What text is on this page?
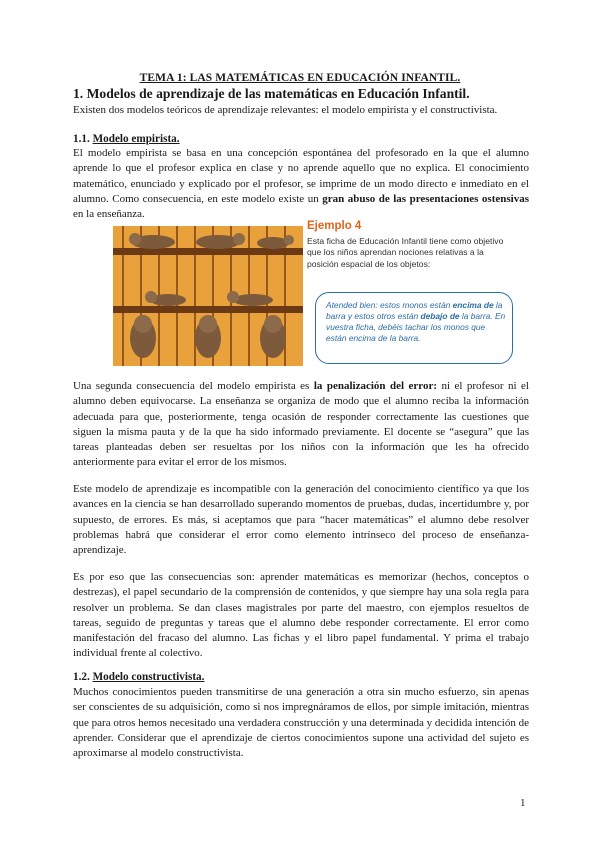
TEMA 1: LAS MATEMÁTICAS EN EDUCACIÓN INFANTIL.
1. Modelos de aprendizaje de las matemáticas en Educación Infantil.

Existen dos modelos teóricos de aprendizaje relevantes: el modelo empirista y el constructivista.

1.1. Modelo empirista.

El modelo empirista se basa en una concepción espontánea del profesorado en la que el alumno aprende lo que el profesor explica en clase y no aprende aquello que no explica. El conocimiento matemático, enunciado y explicado por el profesor, se imprime de un modo directo e inmediato en el alumno. Como consecuencia, en este modelo existe un gran abuso de las presentaciones ostensivas en la enseñanza.

Ejemplo 4
Esta ficha de Educación Infantil tiene como objetivo que los niños aprendan nociones relativas a la posición espacial de los objetos:
Atended bien: estos monos están encima de la barra y estos otros están debajo de la barra. En vuestra ficha, debéis tachar los monos que están encima de la barra.

Una segunda consecuencia del modelo empirista es la penalización del error: ni el profesor ni el alumno deben equivocarse. La enseñanza se organiza de modo que el alumno reciba la información adecuada para que, posteriormente, tenga ocasión de responder correctamente las cuestiones que siguen la misma pauta y de la que ha sido informado previamente. El docente se “asegura” que las tareas planteadas deben ser resueltas por los niños con la información que les ha ofrecido anteriormente para evitar el error de los mismos.

Este modelo de aprendizaje es incompatible con la generación del conocimiento científico ya que los avances en la ciencia se han desarrollado superando momentos de pruebas, dudas, incertidumbre y, por supuesto, de errores. Es más, si aceptamos que para “hacer matemáticas” el alumno debe resolver problemas habrá que considerar el error como elemento intrínseco del proceso de enseñanza-aprendizaje.

Es por eso que las consecuencias son: aprender matemáticas es memorizar (hechos, conceptos o destrezas), el papel secundario de la comprensión de contenidos, y que siempre hay una sola regla para resolver un problema. Se dan clases magistrales por parte del maestro, con ejemplos resueltos de tareas, seguido de preguntas y tareas que el alumno debe responder correctamente. El error como manifestación del fracaso del alumno. Las fichas y el libro papel fundamental. Y prima el trabajo individual frente al colectivo.

1.2. Modelo constructivista.

Muchos conocimientos pueden transmitirse de una generación a otra sin mucho esfuerzo, sin apenas ser conscientes de su adquisición, como si nos impregnáramos de ellos, por simple imitación, mientras que para otros hemos necesitado una verdadera construcción y una determinada y decidida intención de aprender. Considerar que el aprendizaje de ciertos conocimientos supone una actividad del sujeto es aproximarse al modelo constructivista.

1
